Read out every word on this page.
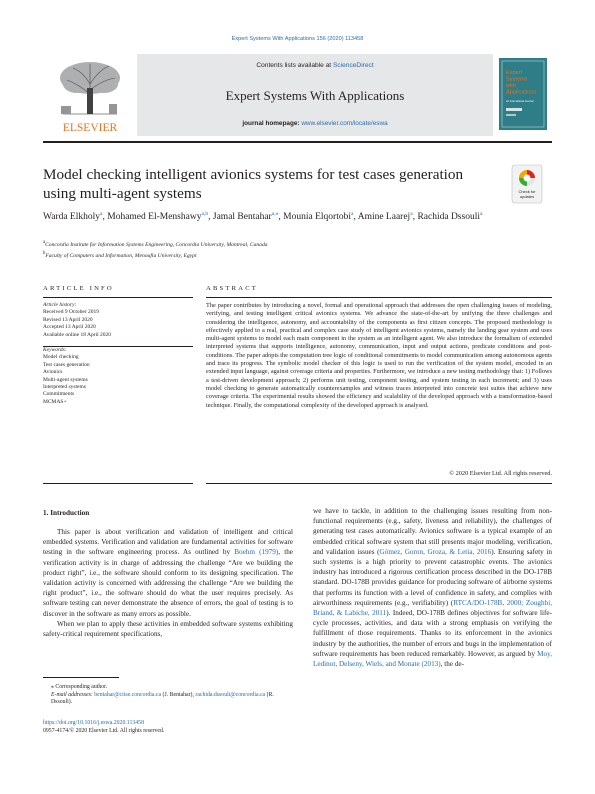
Expert Systems With Applications 156 (2020) 113458
ELSEVIER
Contents lists available at ScienceDirect
Expert Systems With Applications
journal homepage: www.elsevier.com/locate/eswa
Expert
Systems
with
Applications
An International Journal
Model checking intelligent avionics systems for test cases generation using multi-agent systems	Check for
updates
Warda Elkholy$^a$, Mohamed El-Menshawy$^{a,b}$, Jamal Bentahar$^{a,⁎}$, Mounia Elqortobi$^a$, Amine Laarej$^a$, Rachida Dssouli$^a$
$^a$Concordia Institute for Information Systems Engineering, Concordia University, Montreal, Canada
$^b$Faculty of Computers and Information, Menoufia University, Egypt
ARTICLE INFO	ABSTRACT
Article history:
Received 9 October 2019
Revised 13 April 2020
Accepted 13 April 2020
Available online 18 April 2020
Keywords:
Model checking
Test cases generation
Avionics
Multi-agent systems
Interpreted systems
Commitments
MCMAS+
The paper contributes by introducing a novel, formal and operational approach that addresses the open challenging issues of modeling, verifying, and testing intelligent critical avionics systems. We advance the state-of-the-art by unifying the three challenges and considering the intelligence, autonomy, and accountability of the components as first citizen concepts. The proposed methodology is effectively applied to a real, practical and complex case study of intelligent avionics systems, namely the landing gear system and uses multi-agent systems to model each main component in the system as an intelligent agent. We also introduce the formalism of extended interpreted systems that supports intelligence, autonomy, communication, input and output actions, predicate conditions and post-conditions. The paper adopts the computation tree logic of conditional commitments to model communication among autonomous agents and trace its progress. The symbolic model checker of this logic is used to run the verification of the system model, encoded in an extended input language, against coverage criteria and properties. Furthermore, we introduce a new testing methodology that: 1) Follows a test-driven development approach; 2) performs unit testing, component testing, and system testing in each increment; and 3) uses model checking to generate automatically counterexamples and witness traces interpreted into concrete test suites that achieve new coverage criteria. The experimental results showed the efficiency and scalability of the developed approach with a transformation-based technique. Finally, the computational complexity of the developed approach is analysed.
© 2020 Elsevier Ltd. All rights reserved.
1. Introduction

This paper is about verification and validation of intelligent and critical embedded systems. Verification and validation are fundamental activities for software testing in the software engineering process. As outlined by Boehm (1979), the verification activity is in charge of addressing the challenge “Are we building the product right”, i.e., the software should conform to its designing specification. The validation activity is concerned with addressing the challenge “Are we building the right product”, i.e., the software should do what the user requires precisely. As software testing can never demonstrate the absence of errors, the goal of testing is to discover in the software as many errors as possible.

When we plan to apply these activities in embedded software systems exhibiting safety-critical requirement specifications,

we have to tackle, in addition to the challenging issues resulting from non-functional requirements (e.g., safety, liveness and reliability), the challenges of generating test cases automatically. Avionics software is a typical example of an embedded critical software system that still presents major modeling, verification, and validation issues (Gómez, Goron, Groza, & Letia, 2016). Ensuring safety in such systems is a high priority to prevent catastrophic events. The avionics industry has introduced a rigorous certification process described in the DO-178B standard. DO-178B provides guidance for producing software of airborne systems that performs its function with a level of confidence in safety, and complies with airworthiness requirements (e.g., verifiability) (RTCA/DO-178B, 2000; Zoughbi, Briand, & Labiche, 2011). Indeed, DO-178B defines objectives for software life-cycle processes, activities, and data with a strong emphasis on verifying the fulfillment of those requirements. Thanks to its enforcement in the avionics industry by the authorities, the number of errors and bugs in the implementation of software requirements has been reduced remarkably. However, as argued by Moy, Ledinot, Delseny, Wiels, and Monate (2013), the de-

⁎ Corresponding author.
E-mail addresses: bentahar@ciise.concordia.ca (J. Bentahar), rachida.dssouli@concordia.ca (R. Dssouli).
https://doi.org/10.1016/j.eswa.2020.113458
0957-4174/© 2020 Elsevier Ltd. All rights reserved.
